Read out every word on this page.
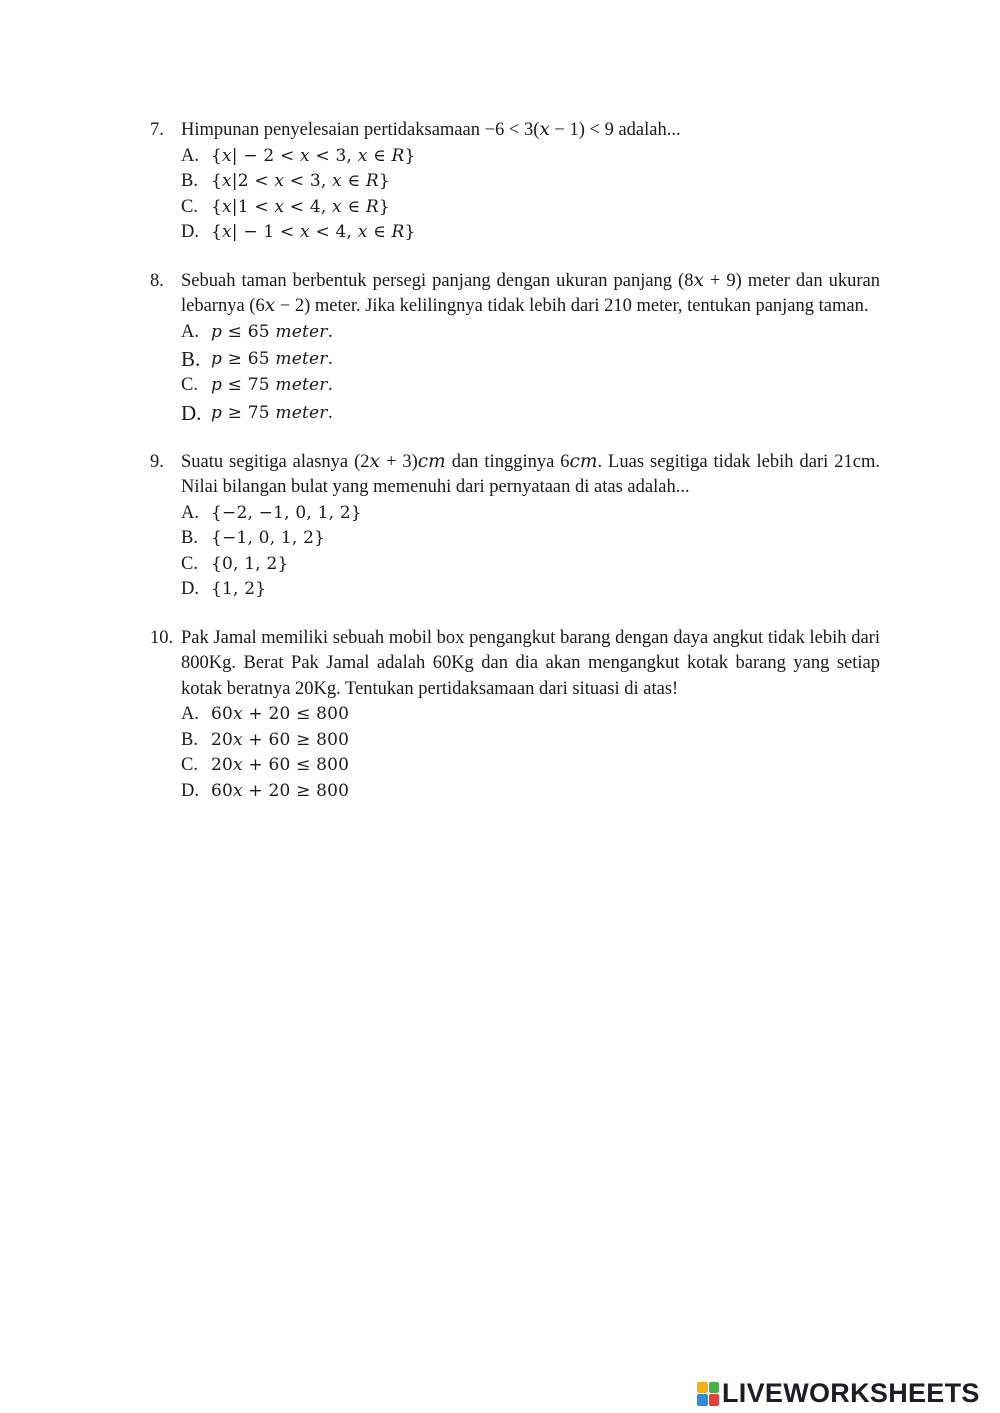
7. Himpunan penyelesaian pertidaksamaan −6 < 3(𝑥 − 1) < 9 adalah...
A. {𝑥| − 2 < 𝑥 < 3, 𝑥 ∈ 𝑅}
B. {𝑥|2 < 𝑥 < 3, 𝑥 ∈ 𝑅}
C. {𝑥|1 < 𝑥 < 4, 𝑥 ∈ 𝑅}
D. {𝑥| − 1 < 𝑥 < 4, 𝑥 ∈ 𝑅}
8. Sebuah taman berbentuk persegi panjang dengan ukuran panjang (8𝑥 + 9) meter dan ukuran lebarnya (6𝑥 − 2) meter. Jika kelilingnya tidak lebih dari 210 meter, tentukan panjang taman.
A. 𝑝 ≤ 65 𝑚𝑒𝑡𝑒𝑟.
B. 𝑝 ≥ 65 𝑚𝑒𝑡𝑒𝑟.
C. 𝑝 ≤ 75 𝑚𝑒𝑡𝑒𝑟.
D. 𝑝 ≥ 75 𝑚𝑒𝑡𝑒𝑟.
9. Suatu segitiga alasnya (2𝑥 + 3)𝑐𝑚 dan tingginya 6𝑐𝑚. Luas segitiga tidak lebih dari 21cm. Nilai bilangan bulat yang memenuhi dari pernyataan di atas adalah...
A. {−2, −1, 0, 1, 2}
B. {−1, 0, 1, 2}
C. {0, 1, 2}
D. {1, 2}
10. Pak Jamal memiliki sebuah mobil box pengangkut barang dengan daya angkut tidak lebih dari 800Kg. Berat Pak Jamal adalah 60Kg dan dia akan mengangkut kotak barang yang setiap kotak beratnya 20Kg. Tentukan pertidaksamaan dari situasi di atas!
A. 60𝑥 + 20 ≤ 800
B. 20𝑥 + 60 ≥ 800
C. 20𝑥 + 60 ≤ 800
D. 60𝑥 + 20 ≥ 800
LIVEWORKSHEETS
